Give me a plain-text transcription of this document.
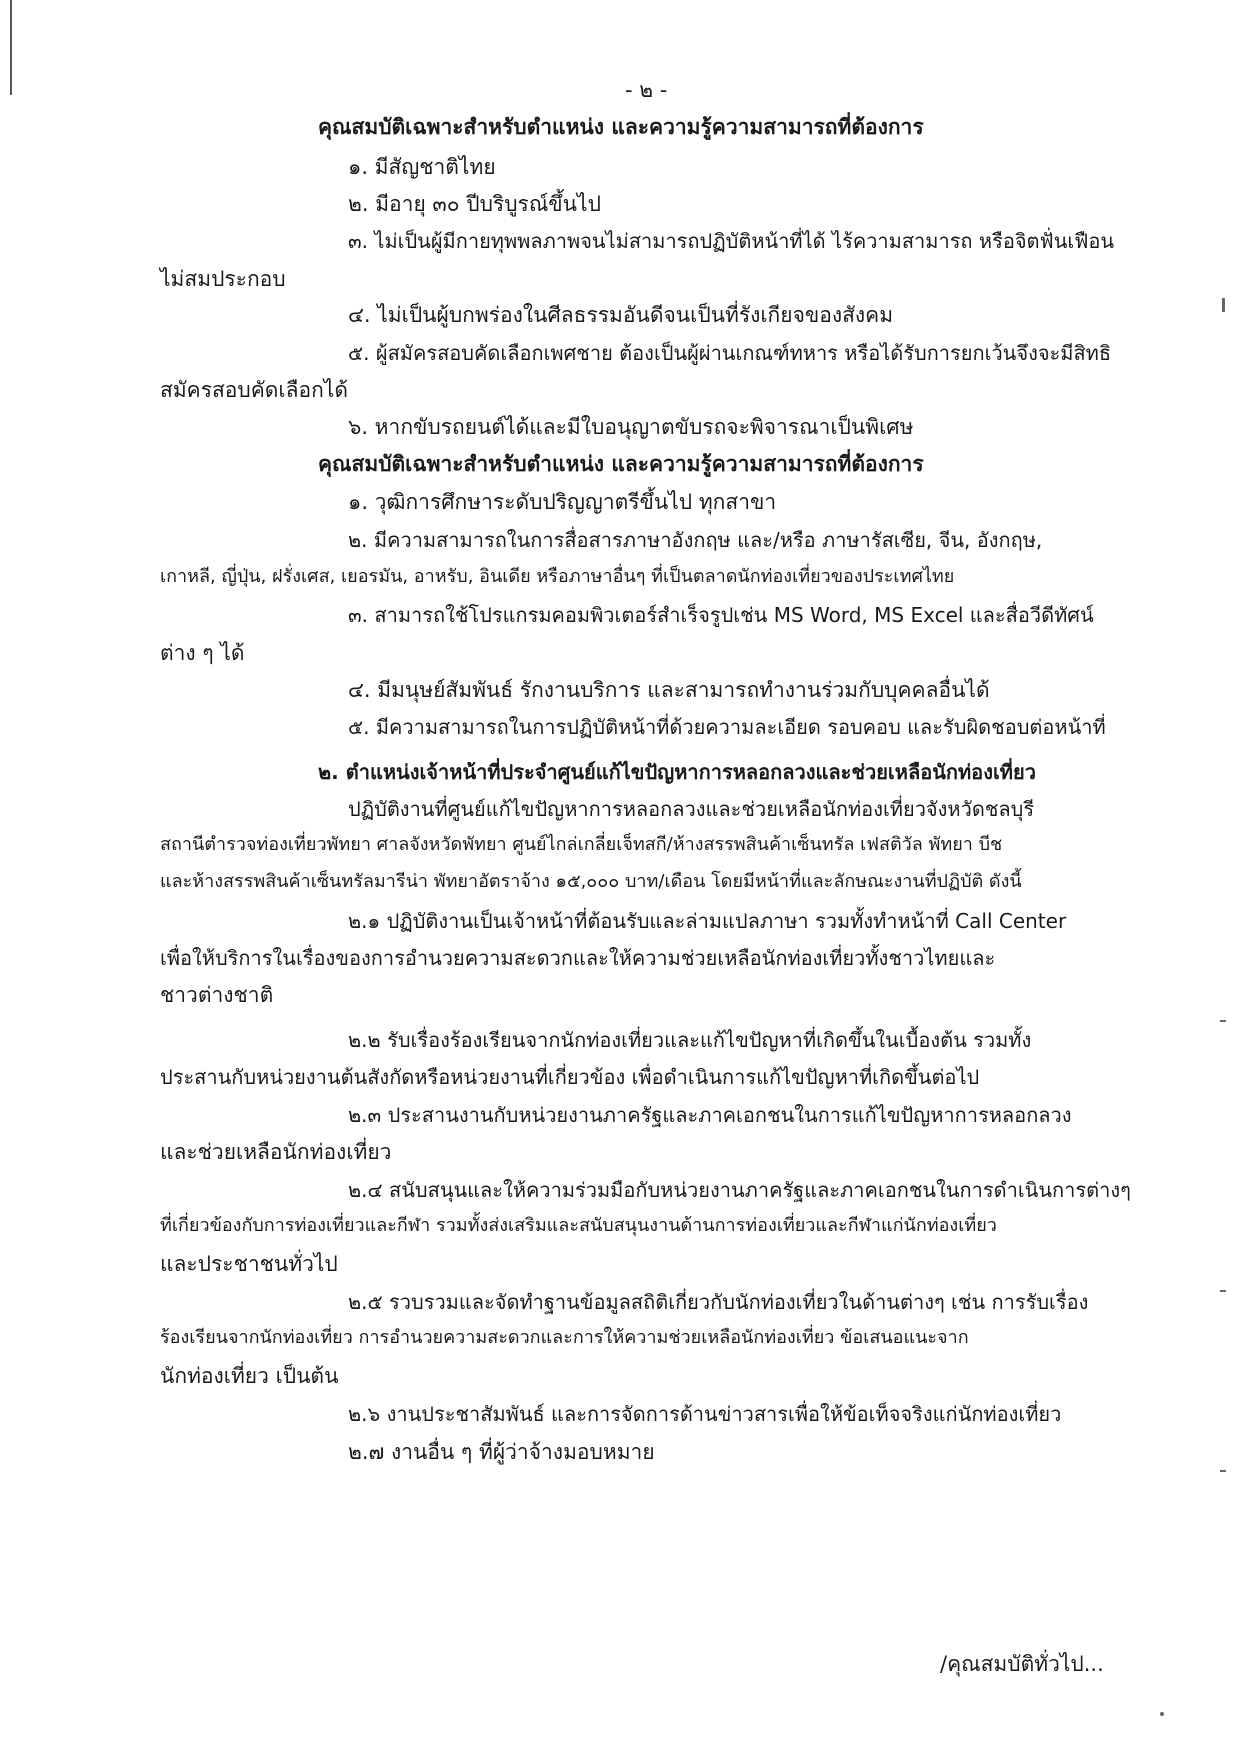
- ๒ -
คุณสมบัติเฉพาะสำหรับตำแหน่ง และความรู้ความสามารถที่ต้องการ
๑. มีสัญชาติไทย
๒. มีอายุ ๓๐ ปีบริบูรณ์ขึ้นไป
๓. ไม่เป็นผู้มีกายทุพพลภาพจนไม่สามารถปฏิบัติหน้าที่ได้ ไร้ความสามารถ หรือจิตฟั่นเฟือน
ไม่สมประกอบ
๔. ไม่เป็นผู้บกพร่องในศีลธรรมอันดีจนเป็นที่รังเกียจของสังคม
๕. ผู้สมัครสอบคัดเลือกเพศชาย ต้องเป็นผู้ผ่านเกณฑ์ทหาร หรือได้รับการยกเว้นจึงจะมีสิทธิ
สมัครสอบคัดเลือกได้
๖. หากขับรถยนต์ได้และมีใบอนุญาตขับรถจะพิจารณาเป็นพิเศษ
คุณสมบัติเฉพาะสำหรับตำแหน่ง และความรู้ความสามารถที่ต้องการ
๑. วุฒิการศึกษาระดับปริญญาตรีขึ้นไป ทุกสาขา
๒. มีความสามารถในการสื่อสารภาษาอังกฤษ และ/หรือ ภาษารัสเซีย, จีน, อังกฤษ,
เกาหลี, ญี่ปุ่น, ฝรั่งเศส, เยอรมัน, อาหรับ, อินเดีย หรือภาษาอื่นๆ ที่เป็นตลาดนักท่องเที่ยวของประเทศไทย
๓. สามารถใช้โปรแกรมคอมพิวเตอร์สำเร็จรูปเช่น MS Word, MS Excel และสื่อวีดีทัศน์
ต่าง ๆ ได้
๔. มีมนุษย์สัมพันธ์ รักงานบริการ และสามารถทำงานร่วมกับบุคคลอื่นได้
๕. มีความสามารถในการปฏิบัติหน้าที่ด้วยความละเอียด รอบคอบ และรับผิดชอบต่อหน้าที่
๒. ตำแหน่งเจ้าหน้าที่ประจำศูนย์แก้ไขปัญหาการหลอกลวงและช่วยเหลือนักท่องเที่ยว
ปฏิบัติงานที่ศูนย์แก้ไขปัญหาการหลอกลวงและช่วยเหลือนักท่องเที่ยวจังหวัดชลบุรี
สถานีตำรวจท่องเที่ยวพัทยา ศาลจังหวัดพัทยา ศูนย์ไกล่เกลี่ยเจ็ทสกี/ห้างสรรพสินค้าเซ็นทรัล เฟสติวัล พัทยา บีช
และห้างสรรพสินค้าเซ็นทรัลมารีน่า พัทยาอัตราจ้าง ๑๕,๐๐๐ บาท/เดือน โดยมีหน้าที่และลักษณะงานที่ปฏิบัติ ดังนี้
๒.๑ ปฏิบัติงานเป็นเจ้าหน้าที่ต้อนรับและล่ามแปลภาษา รวมทั้งทำหน้าที่ Call Center
เพื่อให้บริการในเรื่องของการอำนวยความสะดวกและให้ความช่วยเหลือนักท่องเที่ยวทั้งชาวไทยและ
ชาวต่างชาติ
๒.๒ รับเรื่องร้องเรียนจากนักท่องเที่ยวและแก้ไขปัญหาที่เกิดขึ้นในเบื้องต้น รวมทั้ง
ประสานกับหน่วยงานต้นสังกัดหรือหน่วยงานที่เกี่ยวข้อง เพื่อดำเนินการแก้ไขปัญหาที่เกิดขึ้นต่อไป
๒.๓ ประสานงานกับหน่วยงานภาครัฐและภาคเอกชนในการแก้ไขปัญหาการหลอกลวง
และช่วยเหลือนักท่องเที่ยว
๒.๔ สนับสนุนและให้ความร่วมมือกับหน่วยงานภาครัฐและภาคเอกชนในการดำเนินการต่างๆ
ที่เกี่ยวข้องกับการท่องเที่ยวและกีฬา รวมทั้งส่งเสริมและสนับสนุนงานด้านการท่องเที่ยวและกีฬาแก่นักท่องเที่ยว
และประชาชนทั่วไป
๒.๕ รวบรวมและจัดทำฐานข้อมูลสถิติเกี่ยวกับนักท่องเที่ยวในด้านต่างๆ เช่น การรับเรื่อง
ร้องเรียนจากนักท่องเที่ยว การอำนวยความสะดวกและการให้ความช่วยเหลือนักท่องเที่ยว ข้อเสนอแนะจาก
นักท่องเที่ยว เป็นต้น
๒.๖ งานประชาสัมพันธ์ และการจัดการด้านข่าวสารเพื่อให้ข้อเท็จจริงแก่นักท่องเที่ยว
๒.๗ งานอื่น ๆ ที่ผู้ว่าจ้างมอบหมาย
/คุณสมบัติทั่วไป...
